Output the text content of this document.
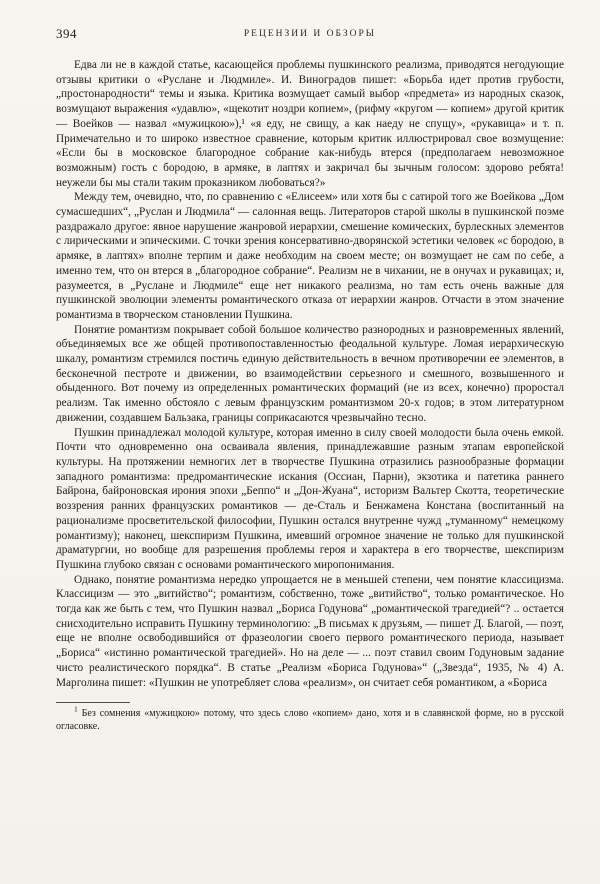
394	РЕЦЕНЗИИ И ОБЗОРЫ

Едва ли не в каждой статье, касающейся проблемы пушкинского реализма, приводятся негодующие отзывы критики о «Руслане и Людмиле». И. Виноградов пишет: «Борьба идет против грубости, „простонародности“ темы и языка. Критика возмущает самый выбор «предмета» из народных сказок, возмущают выражения «удавлю», «щекотит ноздри копием», (рифму «кругом — копием» другой критик — Воейков — назвал «мужицкою»),¹ «я еду, не свищу, а как наеду не спущу», «рукавица» и т. п. Примечательно и то широко известное сравнение, которым критик иллюстрировал свое возмущение: «Если бы в московское благородное собрание как-нибудь втерся (предполагаем невозможное возможным) гость с бородою, в армяке, в лаптях и закричал бы зычным голосом: здорово ребята! неужели бы мы стали таким проказником любоваться?»

Между тем, очевидно, что, по сравнению с «Елисеем» или хотя бы с сатирой того же Воейкова „Дом сумасшедших“, „Руслан и Людмила“ — салонная вещь. Литераторов старой школы в пушкинской поэме раздражало другое: явное нарушение жанровой иерархии, смешение комических, бурлескных элементов с лирическими и эпическими. С точки зрения консервативно-дворянской эстетики человек «с бородою, в армяке, в лаптях» вполне терпим и даже необходим на своем месте; он возмущает не сам по себе, а именно тем, что он втерся в „благородное собрание“. Реализм не в чихании, не в онучах и рукавицах; и, разумеется, в „Руслане и Людмиле“ еще нет никакого реализма, но там есть очень важные для пушкинской эволюции элементы романтического отказа от иерархии жанров. Отчасти в этом значение романтизма в творческом становлении Пушкина.

Понятие романтизм покрывает собой большое количество разнородных и разновременных явлений, объединяемых все же общей противопоставленностью феодальной культуре. Ломая иерархическую шкалу, романтизм стремился постичь единую действительность в вечном противоречии ее элементов, в бесконечной пестроте и движении, во взаимодействии серьезного и смешного, возвышенного и обыденного. Вот почему из определенных романтических формаций (не из всех, конечно) проростал реализм. Так именно обстояло с левым французским романтизмом 20-х годов; в этом литературном движении, создавшем Бальзака, границы соприкасаются чрезвычайно тесно.

Пушкин принадлежал молодой культуре, которая именно в силу своей молодости была очень емкой. Почти что одновременно она осваивала явления, принадлежавшие разным этапам европейской культуры. На протяжении немногих лет в творчестве Пушкина отразились разнообразные формации западного романтизма: предромантические искания (Оссиан, Парни), экзотика и патетика раннего Байрона, байроновская ирония эпохи „Беппо“ и „Дон-Жуана“, историзм Вальтер Скотта, теоретические воззрения ранних французских романтиков — де-Сталь и Бенжамена Констана (воспитанный на рационализме просветительской философии, Пушкин остался внутренне чужд „туманному“ немецкому романтизму); наконец, шекспиризм Пушкина, имевший огромное значение не только для пушкинской драматургии, но вообще для разрешения проблемы героя и характера в его творчестве, шекспиризм Пушкина глубоко связан с основами романтического миропонимания.

Однако, понятие романтизма нередко упрощается не в меньшей степени, чем понятие классицизма. Классицизм — это „витийство“; романтизм, собственно, тоже „витийство“, только романтическое. Но тогда как же быть с тем, что Пушкин назвал „Бориса Годунова“ „романтической трагедией“? .. остается снисходительно исправить Пушкину терминологию: „В письмах к друзьям, — пишет Д. Благой, — поэт, еще не вполне освободившийся от фразеологии своего первого романтического периода, называет „Бориса“ «истинно романтической трагедией». Но на деле — ... поэт ставил своим Годуновым задание чисто реалистического порядка“. В статье „Реализм «Бориса Годунова»“ („Звезда“, 1935, № 4) А. Марголина пишет: «Пушкин не употребляет слова «реализм», он считает себя романтиком, а «Бориса

$^1$ Без сомнения «мужицкою» потому, что здесь слово «копием» дано, хотя и в славянской форме, но в русской огласовке.
